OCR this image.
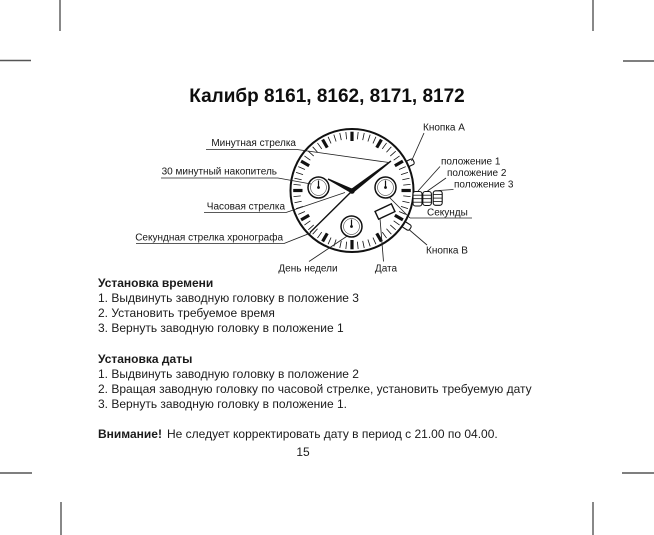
Минутная стрелка
30 минутный накопитель
Часовая стрелка
Секундная стрелка хронографа
День недели	Дата
Кнопка A
Кнопка B
положение 1
положение 2
положение 3
Секунды
Калибр 8161, 8162, 8171, 8172
Установка времени
1. Выдвинуть заводную головку в положение 3
2. Установить требуемое время
3. Вернуть заводную головку в положение 1
Установка даты
1. Выдвинуть заводную головку в положение 2
2. Вращая заводную головку по часовой стрелке, установить требуемую дату
3. Вернуть заводную головку в положение 1.
Внимание! Не следует корректировать дату в период с 21.00 по 04.00.
15
